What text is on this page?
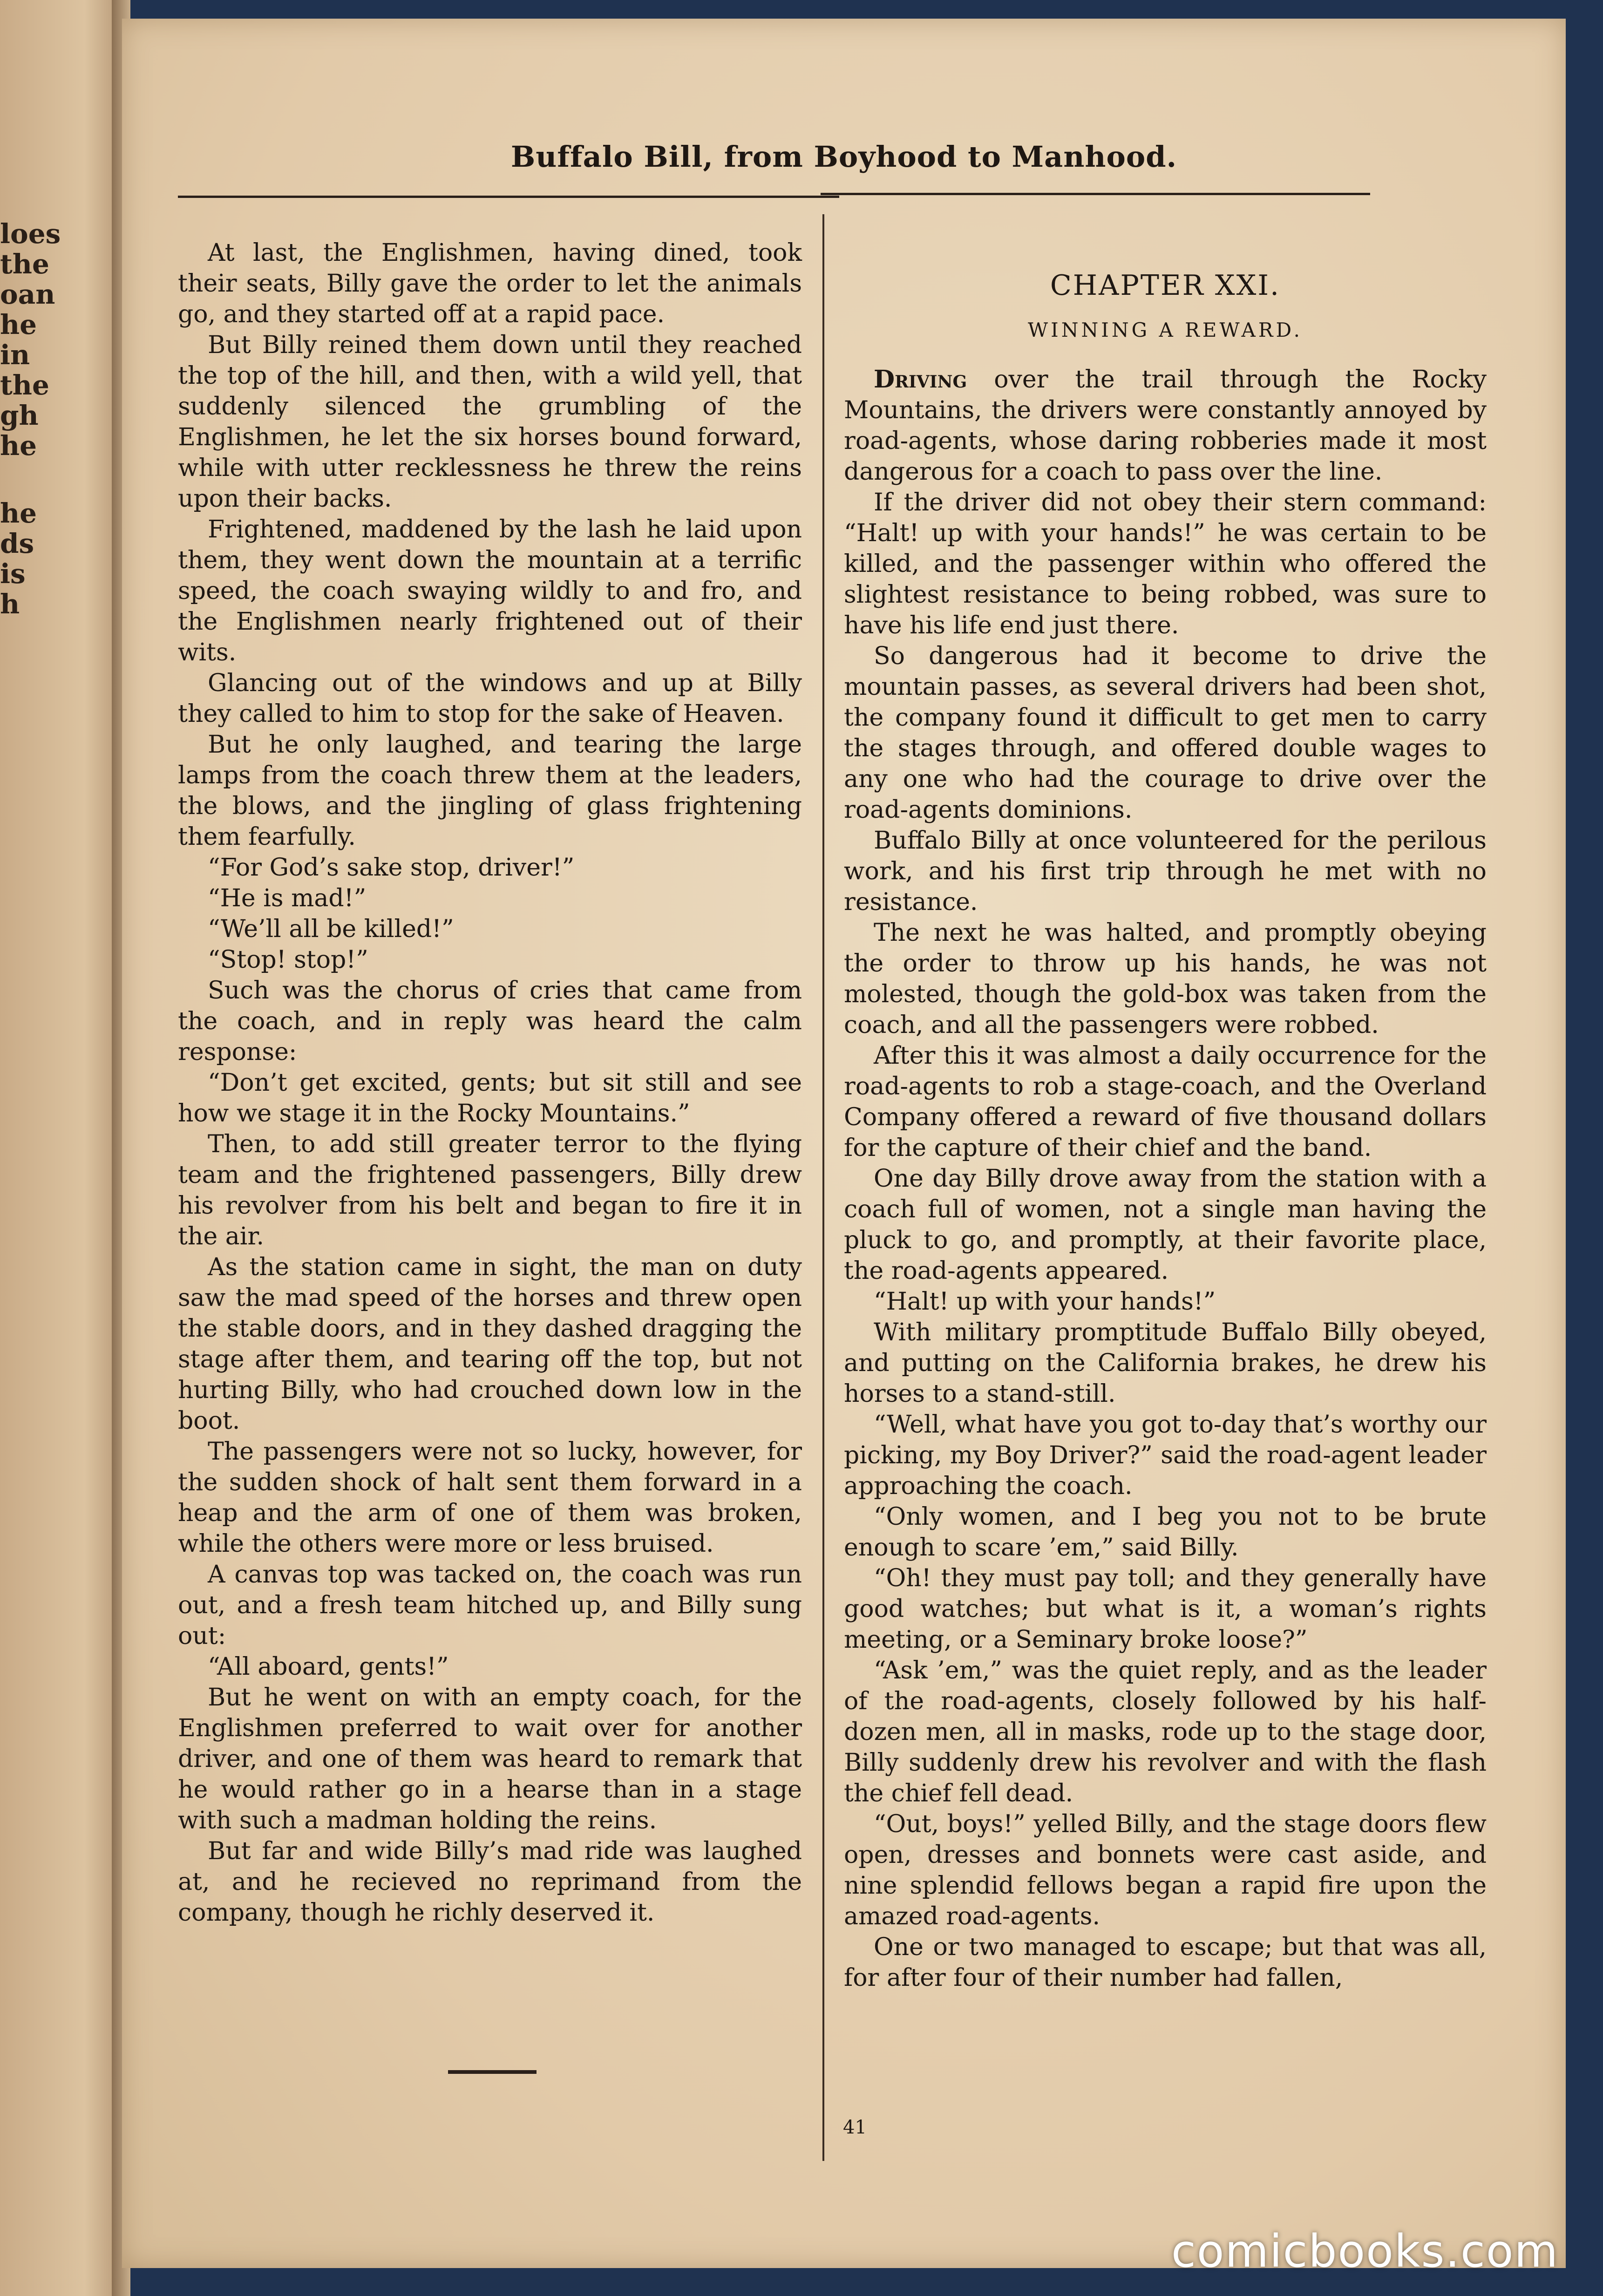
loes
the
oan
he
in
the
gh
he
he
ds
is
h
Buffalo Bill, from Boyhood to Manhood.

At last, the Englishmen, having dined, took their seats, Billy gave the order to let the animals go, and they started off at a rapid pace.

But Billy reined them down until they reached the top of the hill, and then, with a wild yell, that suddenly silenced the grumbling of the Englishmen, he let the six horses bound forward, while with utter recklessness he threw the reins upon their backs.

Frightened, maddened by the lash he laid upon them, they went down the mountain at a terrific speed, the coach swaying wildly to and fro, and the Englishmen nearly frightened out of their wits.

Glancing out of the windows and up at Billy they called to him to stop for the sake of Heaven.

But he only laughed, and tearing the large lamps from the coach threw them at the leaders, the blows, and the jingling of glass frightening them fearfully.

“For God’s sake stop, driver!”

“He is mad!”

“We’ll all be killed!”

“Stop! stop!”

Such was the chorus of cries that came from the coach, and in reply was heard the calm response:

“Don’t get excited, gents; but sit still and see how we stage it in the Rocky Mountains.”

Then, to add still greater terror to the flying team and the frightened passengers, Billy drew his revolver from his belt and began to fire it in the air.

As the station came in sight, the man on duty saw the mad speed of the horses and threw open the stable doors, and in they dashed dragging the stage after them, and tearing off the top, but not hurting Billy, who had crouched down low in the boot.

The passengers were not so lucky, however, for the sudden shock of halt sent them forward in a heap and the arm of one of them was broken, while the others were more or less bruised.

A canvas top was tacked on, the coach was run out, and a fresh team hitched up, and Billy sung out:

“All aboard, gents!”

But he went on with an empty coach, for the Englishmen preferred to wait over for another driver, and one of them was heard to remark that he would rather go in a hearse than in a stage with such a madman holding the reins.

But far and wide Billy’s mad ride was laughed at, and he recieved no reprimand from the company, though he richly deserved it.

CHAPTER XXI.
WINNING A REWARD.

Driving over the trail through the Rocky Mountains, the drivers were constantly annoyed by road-agents, whose daring robberies made it most dangerous for a coach to pass over the line.

If the driver did not obey their stern command: “Halt! up with your hands!” he was certain to be killed, and the passenger within who offered the slightest resistance to being robbed, was sure to have his life end just there.

So dangerous had it become to drive the mountain passes, as several drivers had been shot, the company found it difficult to get men to carry the stages through, and offered double wages to any one who had the courage to drive over the road-agents dominions.

Buffalo Billy at once volunteered for the perilous work, and his first trip through he met with no resistance.

The next he was halted, and promptly obeying the order to throw up his hands, he was not molested, though the gold-box was taken from the coach, and all the passengers were robbed.

After this it was almost a daily occurrence for the road-agents to rob a stage-coach, and the Overland Company offered a reward of five thousand dollars for the capture of their chief and the band.

One day Billy drove away from the station with a coach full of women, not a single man having the pluck to go, and promptly, at their favorite place, the road-agents appeared.

“Halt! up with your hands!”

With military promptitude Buffalo Billy obeyed, and putting on the California brakes, he drew his horses to a stand-still.

“Well, what have you got to-day that’s worthy our picking, my Boy Driver?” said the road-agent leader approaching the coach.

“Only women, and I beg you not to be brute enough to scare ’em,” said Billy.

“Oh! they must pay toll; and they generally have good watches; but what is it, a woman’s rights meeting, or a Seminary broke loose?”

“Ask ’em,” was the quiet reply, and as the leader of the road-agents, closely followed by his half-dozen men, all in masks, rode up to the stage door, Billy suddenly drew his revolver and with the flash the chief fell dead.

“Out, boys!” yelled Billy, and the stage doors flew open, dresses and bonnets were cast aside, and nine splendid fellows began a rapid fire upon the amazed road-agents.

One or two managed to escape; but that was all, for after four of their number had fallen,

41
comicbooks.com
